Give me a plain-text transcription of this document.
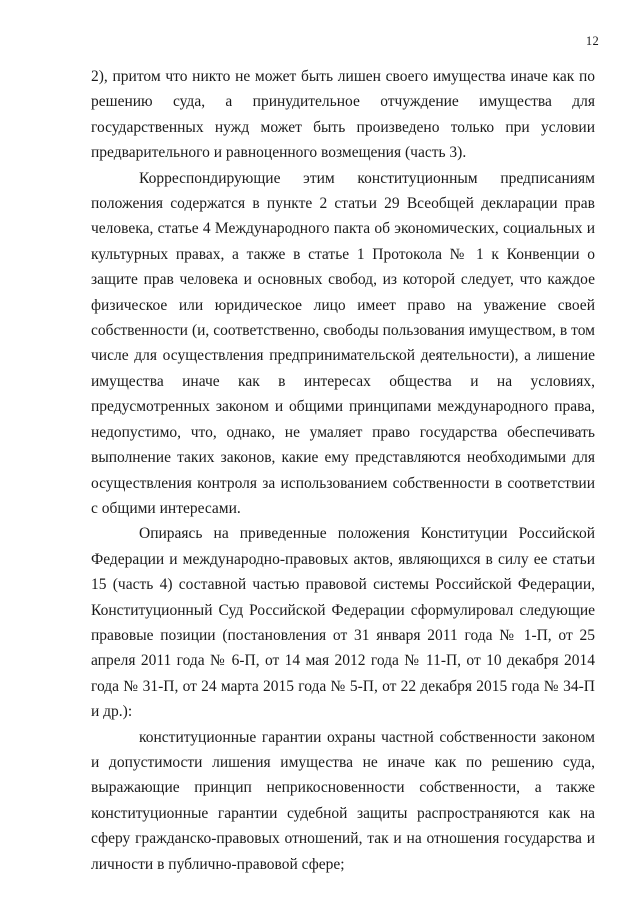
12

2), притом что никто не может быть лишен своего имущества иначе как по решению суда, а принудительное отчуждение имущества для государственных нужд может быть произведено только при условии предварительного и равноценного возмещения (часть 3).

Корреспондирующие этим конституционным предписаниям положения содержатся в пункте 2 статьи 29 Всеобщей декларации прав человека, статье 4 Международного пакта об экономических, социальных и культурных правах, а также в статье 1 Протокола № 1 к Конвенции о защите прав человека и основных свобод, из которой следует, что каждое физическое или юридическое лицо имеет право на уважение своей собственности (и, соответственно, свободы пользования имуществом, в том числе для осуществления предпринимательской деятельности), а лишение имущества иначе как в интересах общества и на условиях, предусмотренных законом и общими принципами международного права, недопустимо, что, однако, не умаляет право государства обеспечивать выполнение таких законов, какие ему представляются необходимыми для осуществления контроля за использованием собственности в соответствии с общими интересами.

Опираясь на приведенные положения Конституции Российской Федерации и международно-правовых актов, являющихся в силу ее статьи 15 (часть 4) составной частью правовой системы Российской Федерации, Конституционный Суд Российской Федерации сформулировал следующие правовые позиции (постановления от 31 января 2011 года № 1-П, от 25 апреля 2011 года № 6-П, от 14 мая 2012 года № 11-П, от 10 декабря 2014 года № 31-П, от 24 марта 2015 года № 5-П, от 22 декабря 2015 года № 34-П и др.):

конституционные гарантии охраны частной собственности законом и допустимости лишения имущества не иначе как по решению суда, выражающие принцип неприкосновенности собственности, а также конституционные гарантии судебной защиты распространяются как на сферу гражданско-правовых отношений, так и на отношения государства и личности в публично-правовой сфере;
